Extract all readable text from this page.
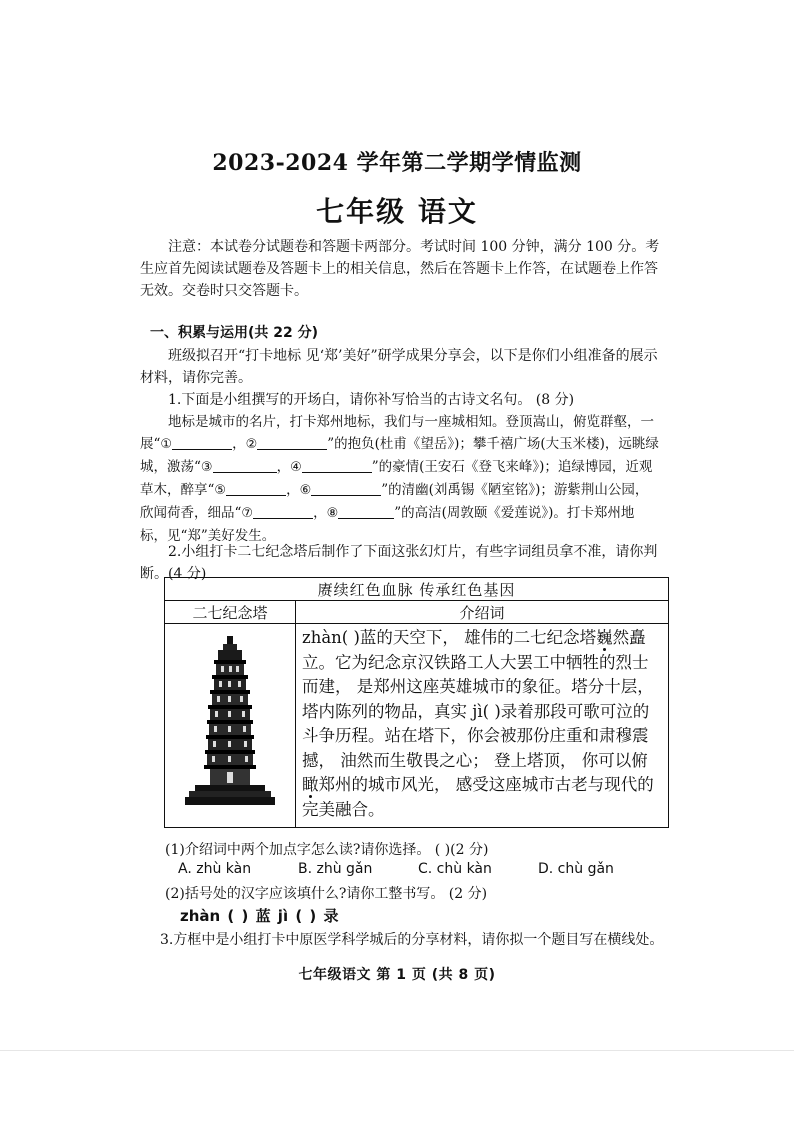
2023-2024 学年第二学期学情监测
七年级 语文
注意：本试卷分试题卷和答题卡两部分。考试时间 100 分钟，满分 100 分。考生应首先阅读试题卷及答题卡上的相关信息，然后在答题卡上作答，在试题卷上作答无效。交卷时只交答题卡。
一、积累与运用(共 22 分)
班级拟召开“打卡地标 见‘郑’美好”研学成果分享会，以下是你们小组准备的展示材料，请你完善。
1.下面是小组撰写的开场白，请你补写恰当的古诗文名句。 (8 分)
地标是城市的名片，打卡郑州地标，我们与一座城相知。登顶嵩山，俯览群壑，一展“①	，②	”的抱负(杜甫《望岳》)；攀千禧广场(大玉米楼)，远眺绿城，激荡“③	，④	”的豪情(王安石《登飞来峰》)；追绿博园，近观草木，醉享“⑤	，⑥	”的清幽(刘禹锡《陋室铭》)；游紫荆山公园，欣闻荷香，细品“⑦	，⑧	”的高洁(周敦颐《爱莲说》)。打卡郑州地标，见“郑”美好发生。
2.小组打卡二七纪念塔后制作了下面这张幻灯片，有些字词组员拿不准，请你判断。(4 分)
赓续红色血脉 传承红色基因	
二七纪念塔	介绍词
	zhàn( )蓝的天空下， 雄伟的二七纪念塔巍然矗立。它为纪念京汉铁路工人大罢工中牺牲的烈士而建， 是郑州这座英雄城市的象征。塔分十层， 塔内陈列的物品，真实 jì( )录着那段可歌可泣的斗争历程。站在塔下，你会被那份庄重和肃穆震撼， 油然而生敬畏之心； 登上塔顶， 你可以俯瞰郑州的城市风光， 感受这座城市古老与现代的完美融合。
(1)介绍词中两个加点字怎么读?请你选择。 ( )(2 分)
A. zhù kàn	B. zhù gǎn	C. chù kàn	D. chù gǎn
(2)括号处的汉字应该填什么?请你工整书写。 (2 分)
zhàn ( ) 蓝 jì ( ) 录
3.方框中是小组打卡中原医学科学城后的分享材料，请你拟一个题目写在横线处。
七年级语文 第 1 页 (共 8 页)
